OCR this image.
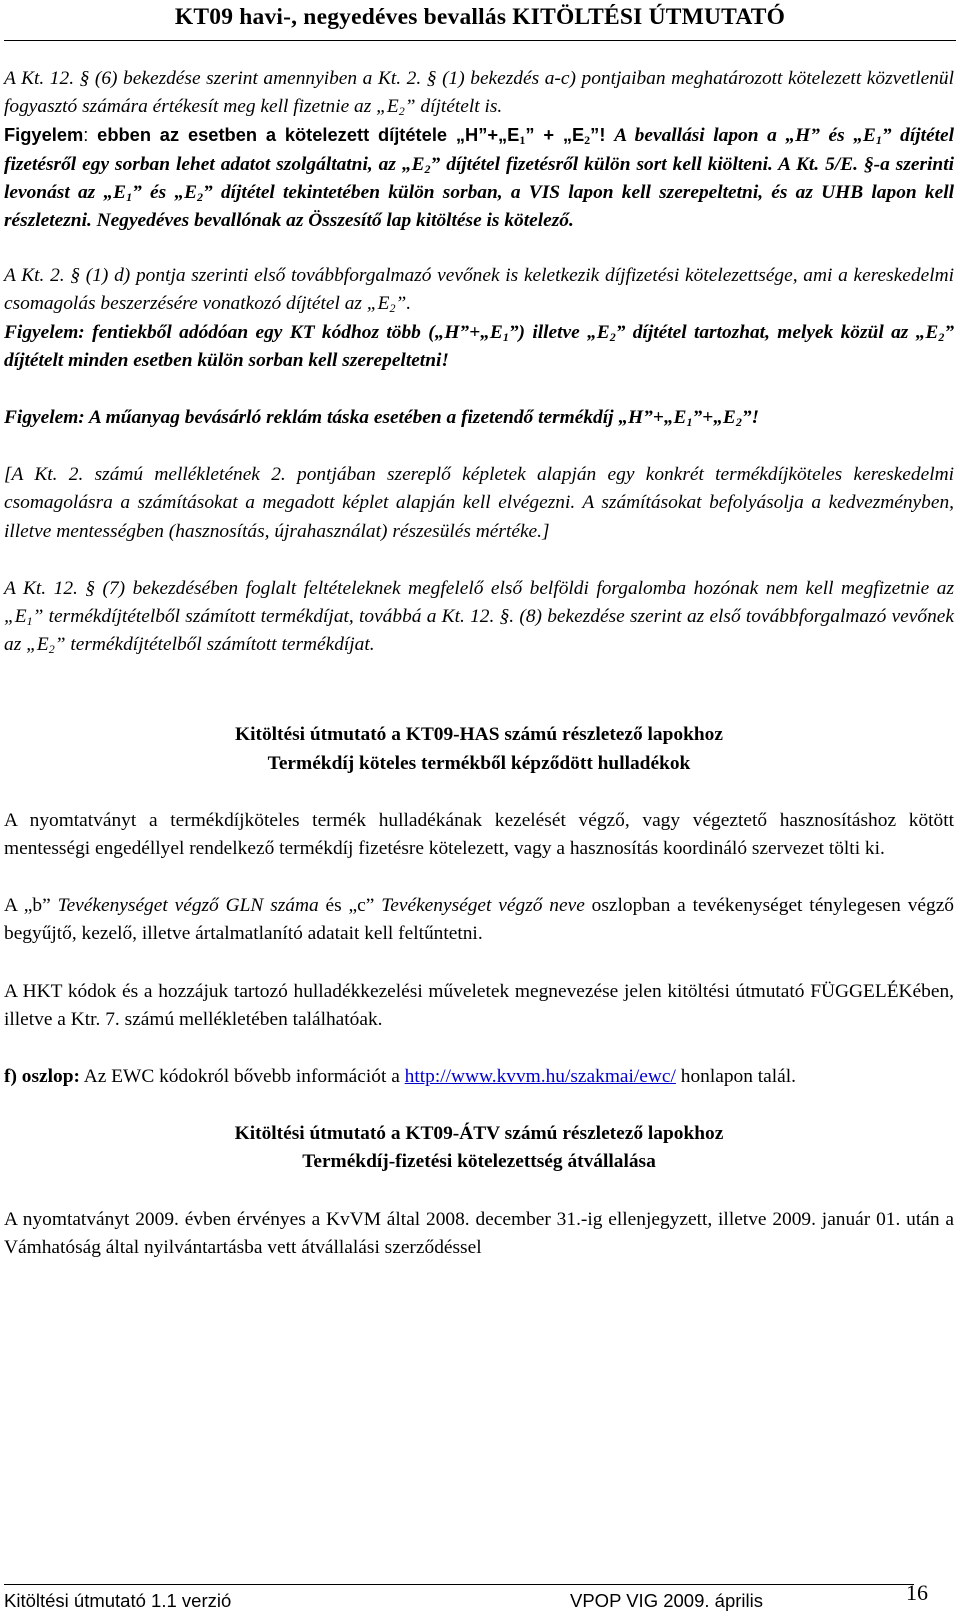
KT09 havi-, negyedéves bevallás KITÖLTÉSI ÚTMUTATÓ

A Kt. 12. § (6) bekezdése szerint amennyiben a Kt. 2. § (1) bekezdés a-c) pontjaiban meghatározott kötelezett közvetlenül fogyasztó számára értékesít meg kell fizetnie az $„E_2$” díjtételt is.

Figyelem: ebben az esetben a kötelezett díjtétele $„H”+„E_1$” + $„E_2$”! A bevallási lapon a „H” és $„E_1$” díjtétel fizetésről egy sorban lehet adatot szolgáltatni, az $„E_2$” díjtétel fizetésről külön sort kell kiölteni. A Kt. 5/E. §-a szerinti levonást az $„E_1$” és $„E_2$” díjtétel tekintetében külön sorban, a VIS lapon kell szerepeltetni, és az UHB lapon kell részletezni. Negyedéves bevallónak az Összesítő lap kitöltése is kötelező.

A Kt. 2. § (1) d) pontja szerinti első továbbforgalmazó vevőnek is keletkezik díjfizetési kötelezettsége, ami a kereskedelmi csomagolás beszerzésére vonatkozó díjtétel az $„E_2$”.

Figyelem: fentiekből adódóan egy KT kódhoz több $(„H”+„E_1”)$ illetve $„E_2$” díjtétel tartozhat, melyek közül az $„E_2$” díjtételt minden esetben külön sorban kell szerepeltetni!

Figyelem: A műanyag bevásárló reklám táska esetében a fizetendő termékdíj $„H”+„E_1”+„E_2$”!

[A Kt. 2. számú mellékletének 2. pontjában szereplő képletek alapján egy konkrét termékdíjköteles kereskedelmi csomagolásra a számításokat a megadott képlet alapján kell elvégezni. A számításokat befolyásolja a kedvezményben, illetve mentességben (hasznosítás, újrahasználat) részesülés mértéke.]

A Kt. 12. § (7) bekezdésében foglalt feltételeknek megfelelő első belföldi forgalomba hozónak nem kell megfizetnie az $„E_1$” termékdíjtételből számított termékdíjat, továbbá a Kt. 12. §. (8) bekezdése szerint az első továbbforgalmazó vevőnek az $„E_2$” termékdíjtételből számított termékdíjat.

Kitöltési útmutató a KT09-HAS számú részletező lapokhoz
Termékdíj köteles termékből képződött hulladékok

A nyomtatványt a termékdíjköteles termék hulladékának kezelését végző, vagy végeztető hasznosításhoz kötött mentességi engedéllyel rendelkező termékdíj fizetésre kötelezett, vagy a hasznosítás koordináló szervezet tölti ki.

A „b” Tevékenységet végző GLN száma és „c” Tevékenységet végző neve oszlopban a tevékenységet ténylegesen végző begyűjtő, kezelő, illetve ártalmatlanító adatait kell feltűntetni.

A HKT kódok és a hozzájuk tartozó hulladékkezelési műveletek megnevezése jelen kitöltési útmutató FÜGGELÉKében, illetve a Ktr. 7. számú mellékletében találhatóak.

f) oszlop: Az EWC kódokról bővebb információt a http://www.kvvm.hu/szakmai/ewc/ honlapon talál.

Kitöltési útmutató a KT09-ÁTV számú részletező lapokhoz
Termékdíj-fizetési kötelezettség átvállalása

A nyomtatványt 2009. évben érvényes a KvVM által 2008. december 31.-ig ellenjegyzett, illetve 2009. január 01. után a Vámhatóság által nyilvántartásba vett átvállalási szerződéssel

Kitöltési útmutató 1.1 verzió	VPOP VIG 2009. április	16
